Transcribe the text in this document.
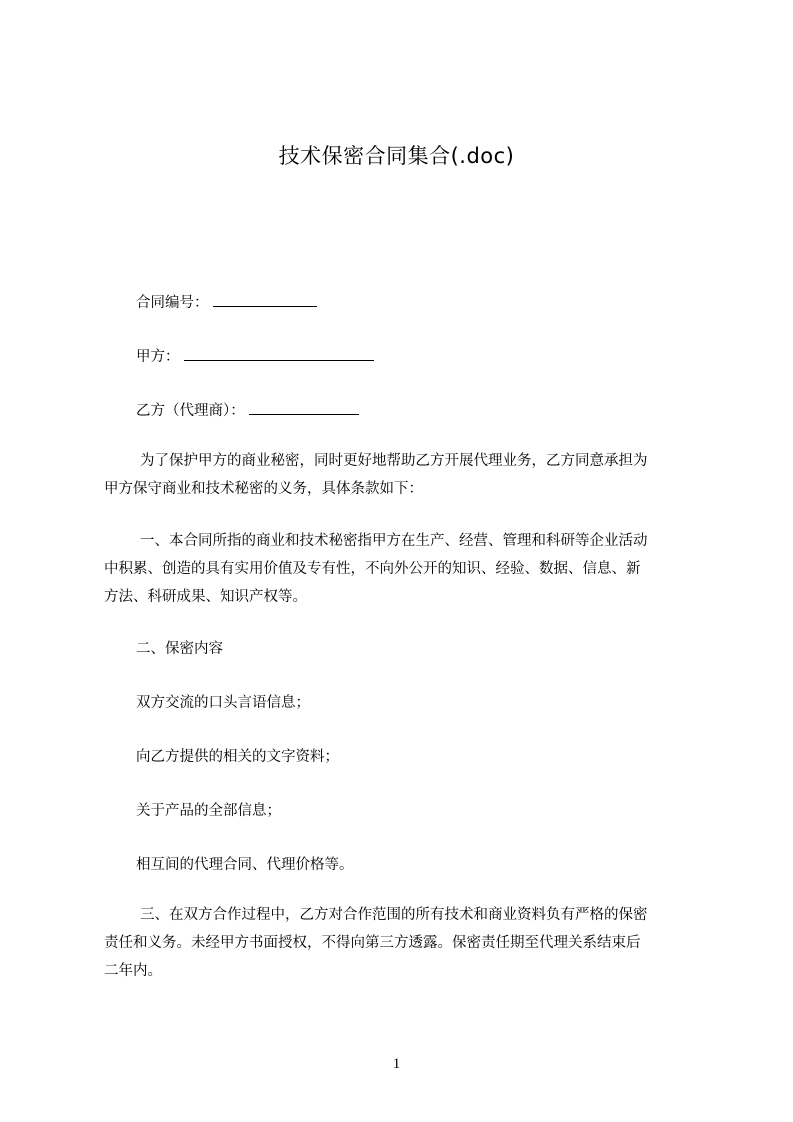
技术保密合同集合(.doc)
合同编号：
甲方：
乙方（代理商）：
为了保护甲方的商业秘密，同时更好地帮助乙方开展代理业务，乙方同意承担为
甲方保守商业和技术秘密的义务，具体条款如下：
一、本合同所指的商业和技术秘密指甲方在生产、经营、管理和科研等企业活动
中积累、创造的具有实用价值及专有性，不向外公开的知识、经验、数据、信息、新
方法、科研成果、知识产权等。
二、保密内容
双方交流的口头言语信息；
向乙方提供的相关的文字资料；
关于产品的全部信息；
相互间的代理合同、代理价格等。
三、在双方合作过程中，乙方对合作范围的所有技术和商业资料负有严格的保密
责任和义务。未经甲方书面授权，不得向第三方透露。保密责任期至代理关系结束后
二年内。
1
